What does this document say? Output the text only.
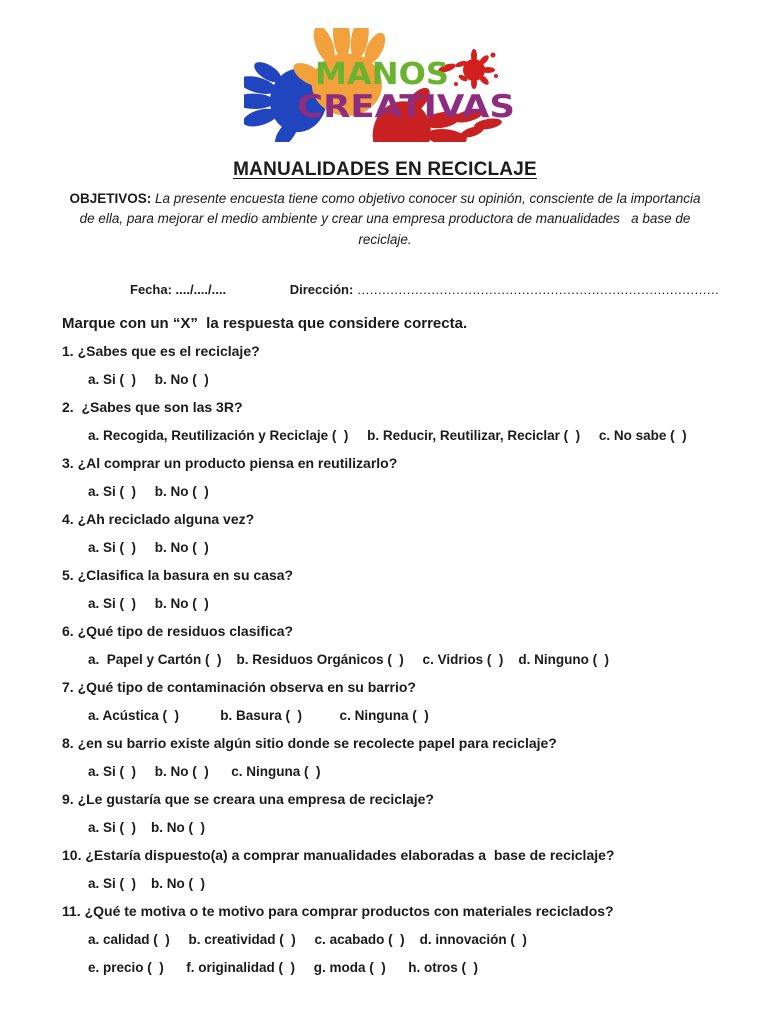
MANOS
CREATIVAS
MANUALIDADES EN RECICLAJE

OBJETIVOS: La presente encuesta tiene como objetivo conocer su opinión, consciente de la importancia de ella, para mejorar el medio ambiente y crear una empresa productora de manualidades   a base de reciclaje.

Fecha: ..../..../....	Dirección: ........................................................................................

Marque con un “X”  la respuesta que considere correcta.

1. ¿Sabes que es el reciclaje?
a. Si (  )     b. No (  )
2.  ¿Sabes que son las 3R?
a. Recogida, Reutilización y Reciclaje (  )     b. Reducir, Reutilizar, Reciclar (  )     c. No sabe (  )
3. ¿Al comprar un producto piensa en reutilizarlo?
a. Si (  )     b. No (  )
4. ¿Ah reciclado alguna vez?
a. Si (  )     b. No (  )
5. ¿Clasifica la basura en su casa?
a. Si (  )     b. No (  )
6. ¿Qué tipo de residuos clasifica?
a.  Papel y Cartón (  )    b. Residuos Orgánicos (  )     c. Vidrios (  )    d. Ninguno (  )
7. ¿Qué tipo de contaminación observa en su barrio?
a. Acústica (  )           b. Basura (  )          c. Ninguna (  )
8. ¿en su barrio existe algún sitio donde se recolecte papel para reciclaje?
a. Si (  )     b. No (  )      c. Ninguna (  )
9. ¿Le gustaría que se creara una empresa de reciclaje?
a. Si (  )    b. No (  )
10. ¿Estaría dispuesto(a) a comprar manualidades elaboradas a  base de reciclaje?
a. Si (  )    b. No (  )
11. ¿Qué te motiva o te motivo para comprar productos con materiales reciclados?
a. calidad (  )     b. creatividad (  )     c. acabado (  )    d. innovación (  )
e. precio (  )      f. originalidad (  )     g. moda (  )      h. otros (  )
